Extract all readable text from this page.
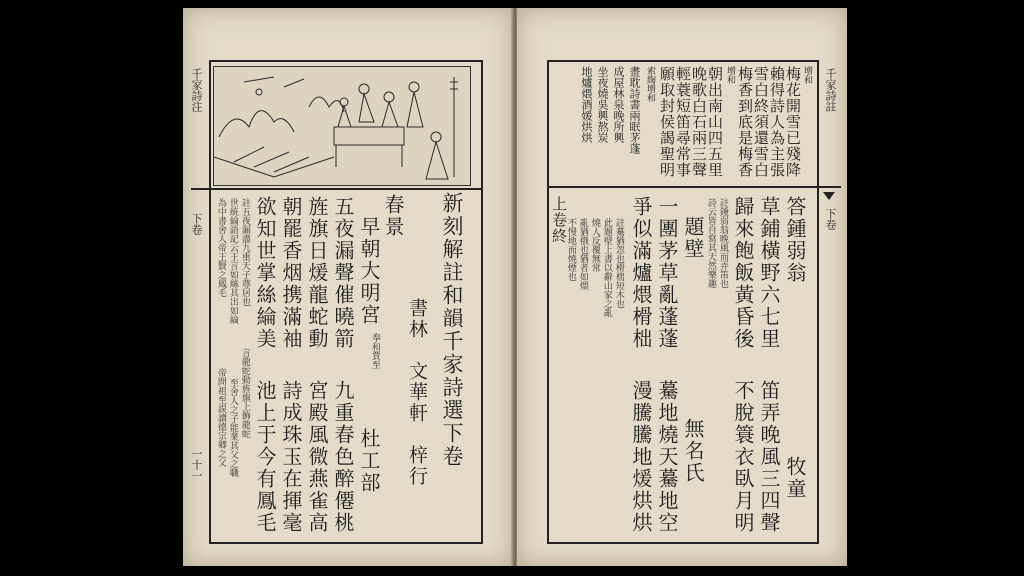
千家詩注
下卷
一十一	新刻解註和韻千家詩選下卷
書林　文華軒　梓行
春景
早朝大明宮
奉和賈至
杜工部
五夜漏聲催曉箭
九重春色醉僊桃
旌旗日煖龍蛇動
宮殿風微燕雀高
朝罷香烟携滿袖
詩成珠玉在揮毫
欲知世掌絲綸美
池上于今有鳳毛
註五夜漏盡九重天子尊居也
言龍蛇動旌旗上飾龍蛇
世統綸語記云王言如絲其出如綸
至舍人之子能業其父之職
為中書舍人帝王賢之鳳毛
帝問祖至誤讀德宗卿之父
千家詩註
下卷
增和
梅花開雪已殘降
賴得詩人為主張
雪白終須還雪白
梅香到底是梅香
增和
朝出南山四五里
晚歌白石兩三聲
輕蓑短笛尋常事
願取封侯謁聖明
索綯增和
畫耽詩書兩眠茅蓬
成屋林泉晚所興
坐夜燒吳興熬炭
地爐煨酒媛烘烘
答鍾弱翁
牧童
草鋪橫野六七里
笛弄晚風三四聲
歸來飽飯黃昏後
不脫簑衣臥月明
註鍾弱翁晚風而弄笛也
詩云皆自寫其天然樂趣
題壁
無名氏
一團茅草亂蓬蓬
驀地燒天驀地空
爭似滿爐煨榾柮
漫騰騰地煖烘烘
註驀猶忽也榾柮短木也
此題壁上書以辭山家之亂
燒人反覆無常
亂猶俄也猶者如煨
不慢地而燒煙也
上卷終
